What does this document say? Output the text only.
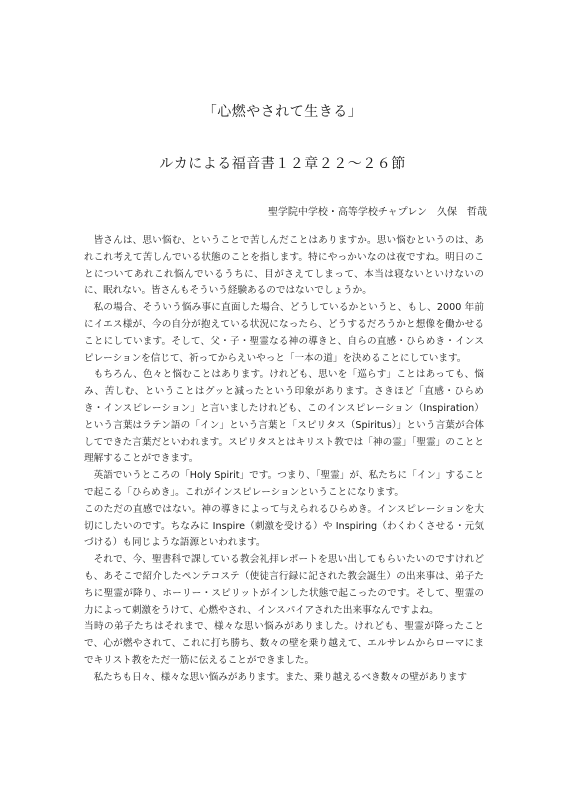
「心燃やされて生きる」
ルカによる福音書１２章２２～２６節
聖学院中学校・高等学校チャプレン　久保　哲哉

皆さんは、思い悩む、ということで苦しんだことはありますか。思い悩むというのは、あれこれ考えて苦しんでいる状態のことを指します。特にやっかいなのは夜ですね。明日のことについてあれこれ悩んでいるうちに、目がさえてしまって、本当は寝ないといけないのに、眠れない。皆さんもそういう経験あるのではないでしょうか。

私の場合、そういう悩み事に直面した場合、どうしているかというと、もし、2000 年前にイエス様が、今の自分が抱えている状況になったら、どうするだろうかと想像を働かせることにしています。そして、父・子・聖霊なる神の導きと、自らの直感・ひらめき・インスピレーションを信じて、祈ってからえいやっと「一本の道」を決めることにしています。

もちろん、色々と悩むことはあります。けれども、思いを「巡らす」ことはあっても、悩み、苦しむ、ということはグッと減ったという印象があります。さきほど「直感・ひらめき・インスピレーション」と言いましたけれども、このインスピレーション（Inspiration）という言葉はラテン語の「イン」という言葉と「スピリタス（Spiritus）」という言葉が合体してできた言葉だといわれます。スピリタスとはキリスト教では「神の霊」「聖霊」のことと理解することができます。

英語でいうところの「Holy Spirit」です。つまり、「聖霊」が、私たちに「イン」することで起こる「ひらめき」。これがインスピレーションということになります。

このただの直感ではない。神の導きによって与えられるひらめき。インスピレーションを大切にしたいのです。ちなみに Inspire（刺激を受ける）や Inspiring（わくわくさせる・元気づける）も同じような語源といわれます。

それで、今、聖書科で課している教会礼拝レポートを思い出してもらいたいのですけれども、あそこで紹介したペンテコステ（使徒言行録に記された教会誕生）の出来事は、弟子たちに聖霊が降り、ホーリー・スピリットがインした状態で起こったのです。そして、聖霊の力によって刺激をうけて、心燃やされ、インスパイアされた出来事なんですよね。

当時の弟子たちはそれまで、様々な思い悩みがありました。けれども、聖霊が降ったことで、心が燃やされて、これに打ち勝ち、数々の壁を乗り越えて、エルサレムからローマにまでキリスト教をただ一筋に伝えることができました。

私たちも日々、様々な思い悩みがあります。また、乗り越えるべき数々の壁があります
